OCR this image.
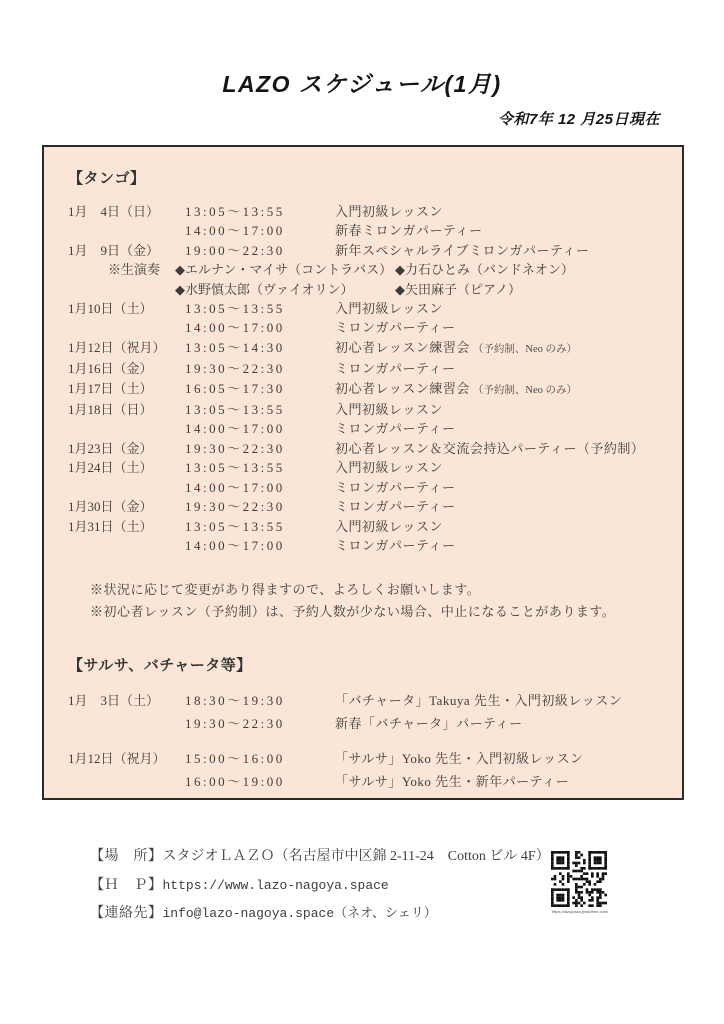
LAZO スケジュール(1月)
令和7年 12 月25日現在
【タンゴ】
1月　4日（日）	13:05～13:55	入門初級レッスン
14:00～17:00	新春ミロンガパーティー
1月　9日（金）	19:00～22:30	新年スペシャルライブミロンガパーティー
※生演奏	◆エルナン・マイサ（コントラバス） ◆力石ひとみ（バンドネオン）
◆水野慎太郎（ヴァイオリン）	◆矢田麻子（ピアノ）
1月10日（土）	13:05～13:55	入門初級レッスン
14:00～17:00	ミロンガパーティー
1月12日（祝月）	13:05～14:30	初心者レッスン練習会 （予約制、Neo のみ）
1月16日（金）	19:30～22:30	ミロンガパーティー
1月17日（土）	16:05～17:30	初心者レッスン練習会 （予約制、Neo のみ）
1月18日（日）	13:05～13:55	入門初級レッスン
14:00～17:00	ミロンガパーティー
1月23日（金）	19:30～22:30	初心者レッスン＆交流会持込パーティー（予約制）
1月24日（土）	13:05～13:55	入門初級レッスン
14:00～17:00	ミロンガパーティー
1月30日（金）	19:30～22:30	ミロンガパーティー
1月31日（土）	13:05～13:55	入門初級レッスン
14:00～17:00	ミロンガパーティー
※状況に応じて変更があり得ますので、よろしくお願いします。
※初心者レッスン（予約制）は、予約人数が少ない場合、中止になることがあります。
【サルサ、バチャータ等】
1月　3日（土）	18:30～19:30	「バチャータ」Takuya 先生・入門初級レッスン
19:30～22:30	新春「バチャータ」パーティー
1月12日（祝月）	15:00～16:00	「サルサ」Yoko 先生・入門初級レッスン
16:00～19:00	「サルサ」Yoko 先生・新年パーティー
【場　所】スタジオＬＡＺＯ（名古屋市中区錦 2-11-24　Cotton ビル 4F）
【Ｈ　Ｐ】https://www.lazo-nagoya.space
【連絡先】info@lazo-nagoya.space（ネオ、シェリ）	https://lazoplaza.jimdofree.com/
